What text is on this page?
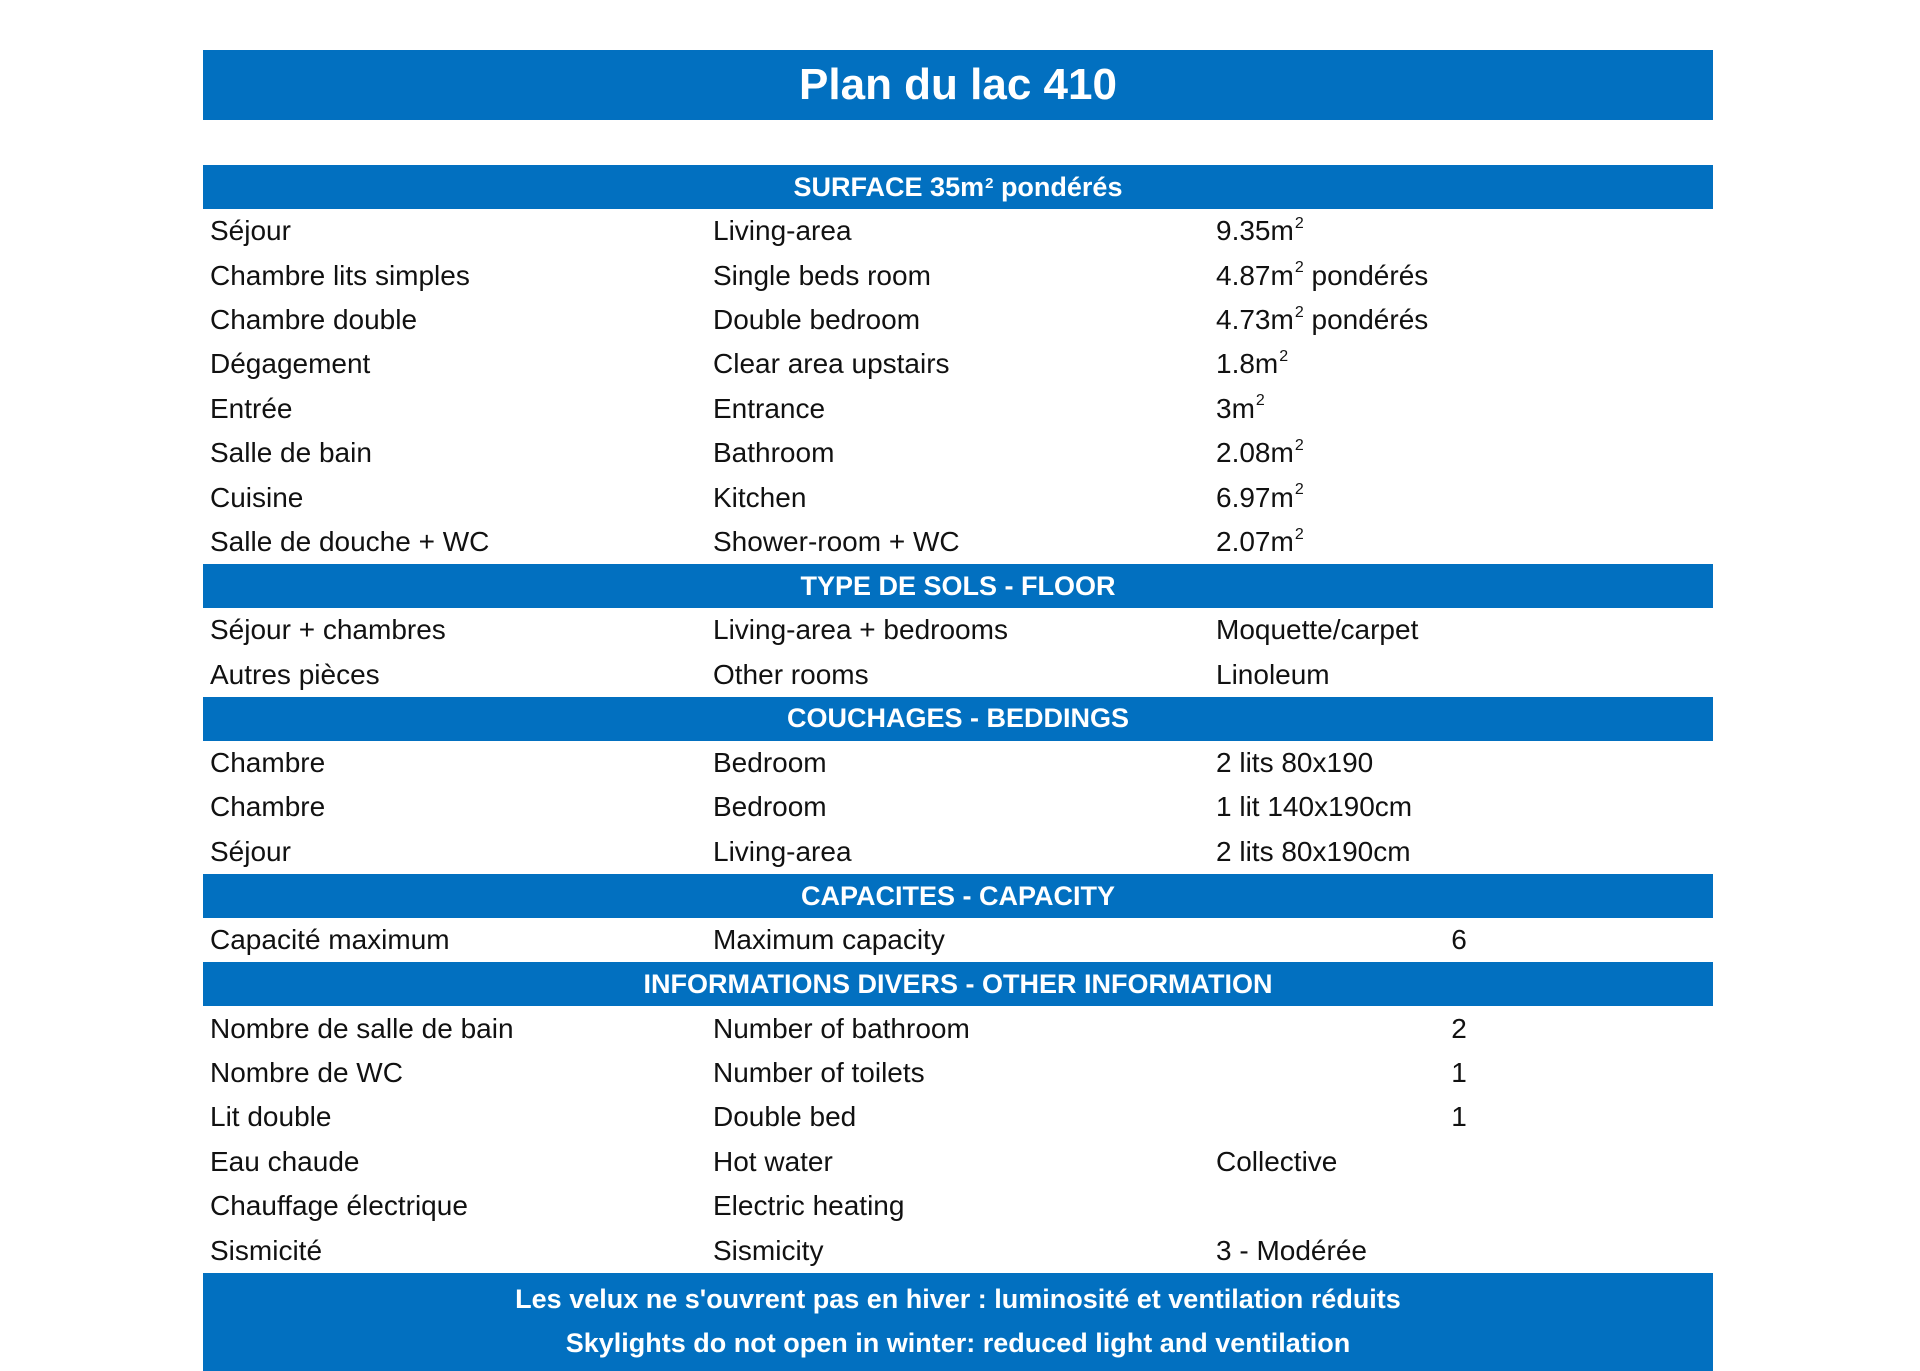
Plan du lac 410
SURFACE $35m^2$ pondérés
Séjour	Living-area	$9.35m^2$
Chambre lits simples	Single beds room	$4.87m^2$ pondérés
Chambre double	Double bedroom	$4.73m^2$ pondérés
Dégagement	Clear area upstairs	$1.8m^2$
Entrée	Entrance	$3m^2$
Salle de bain	Bathroom	$2.08m^2$
Cuisine	Kitchen	$6.97m^2$
Salle de douche + WC	Shower-room + WC	$2.07m^2$
TYPE DE SOLS - FLOOR
Séjour + chambres	Living-area + bedrooms	Moquette/carpet
Autres pièces	Other rooms	Linoleum
COUCHAGES - BEDDINGS
Chambre	Bedroom	2 lits 80x190
Chambre	Bedroom	1 lit 140x190cm
Séjour	Living-area	2 lits 80x190cm
CAPACITES - CAPACITY
Capacité maximum	Maximum capacity	6
INFORMATIONS DIVERS - OTHER INFORMATION
Nombre de salle de bain	Number of bathroom	2
Nombre de WC	Number of toilets	1
Lit double	Double bed	1
Eau chaude	Hot water	Collective
Chauffage électrique	Electric heating
Sismicité	Sismicity	3 - Modérée
Les velux ne s'ouvrent pas en hiver : luminosité et ventilation réduits
Skylights do not open in winter: reduced light and ventilation
